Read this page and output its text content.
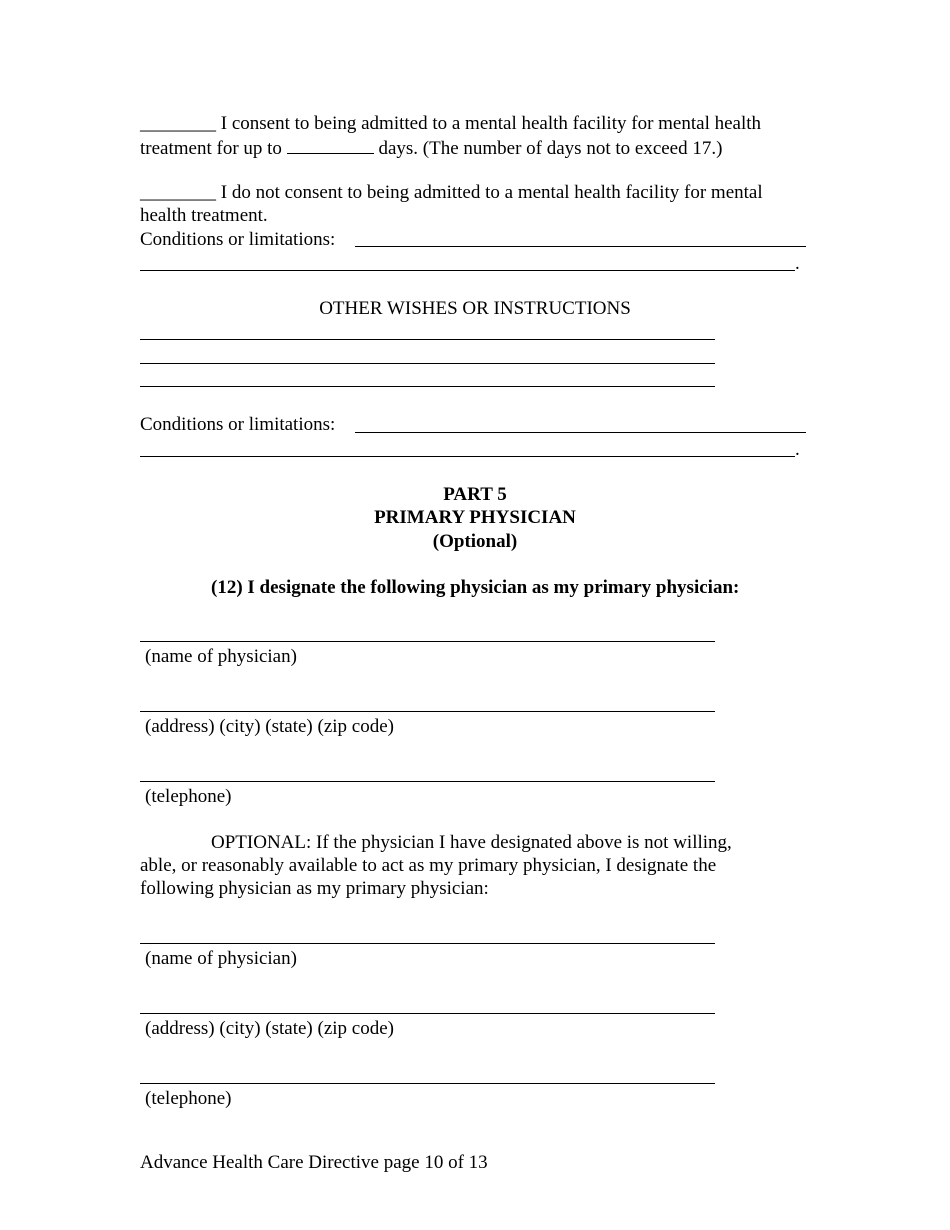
________ I consent to being admitted to a mental health facility for mental health
treatment for up to	days. (The number of days not to exceed 17.)
________ I do not consent to being admitted to a mental health facility for mental
health treatment.
Conditions or limitations:
.
OTHER WISHES OR INSTRUCTIONS
Conditions or limitations:
.
PART 5
PRIMARY PHYSICIAN
(Optional)
(12) I designate the following physician as my primary physician:
(name of physician)
(address) (city) (state) (zip code)
(telephone)
OPTIONAL: If the physician I have designated above is not willing,
able, or reasonably available to act as my primary physician, I designate the
following physician as my primary physician:
(name of physician)
(address) (city) (state) (zip code)
(telephone)
Advance Health Care Directive page 10 of 13
